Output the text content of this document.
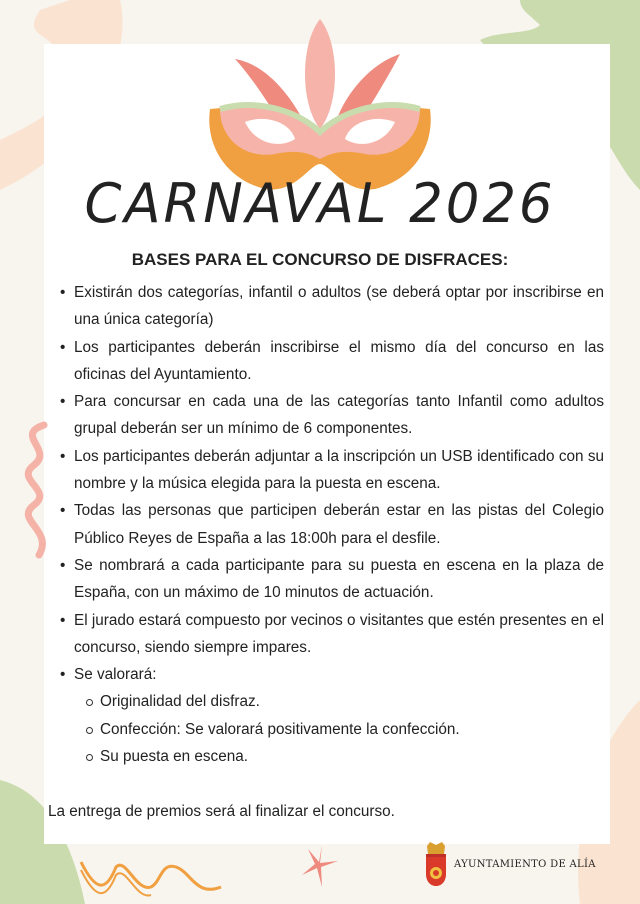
CARNAVAL 2026
BASES PARA EL CONCURSO DE DISFRACES:
• Existirán dos categorías, infantil o adultos (se deberá optar por inscribirse en una única categoría)
• Los participantes deberán inscribirse el mismo día del concurso en las oficinas del Ayuntamiento.
• Para concursar en cada una de las categorías tanto Infantil como adultos grupal deberán ser un mínimo de 6 componentes.
• Los participantes deberán adjuntar a la inscripción un USB identificado con su nombre y la música elegida para la puesta en escena.
• Todas las personas que participen deberán estar en las pistas del Colegio Público Reyes de España a las 18:00h para el desfile.
• Se nombrará a cada participante para su puesta en escena en la plaza de España, con un máximo de 10 minutos de actuación.
• El jurado estará compuesto por vecinos o visitantes que estén presentes en el concurso, siendo siempre impares.
• Se valorará:
Originalidad del disfraz.
Confección: Se valorará positivamente la confección.
Su puesta en escena.
La entrega de premios será al finalizar el concurso.
AYUNTAMIENTO DE ALÍA
